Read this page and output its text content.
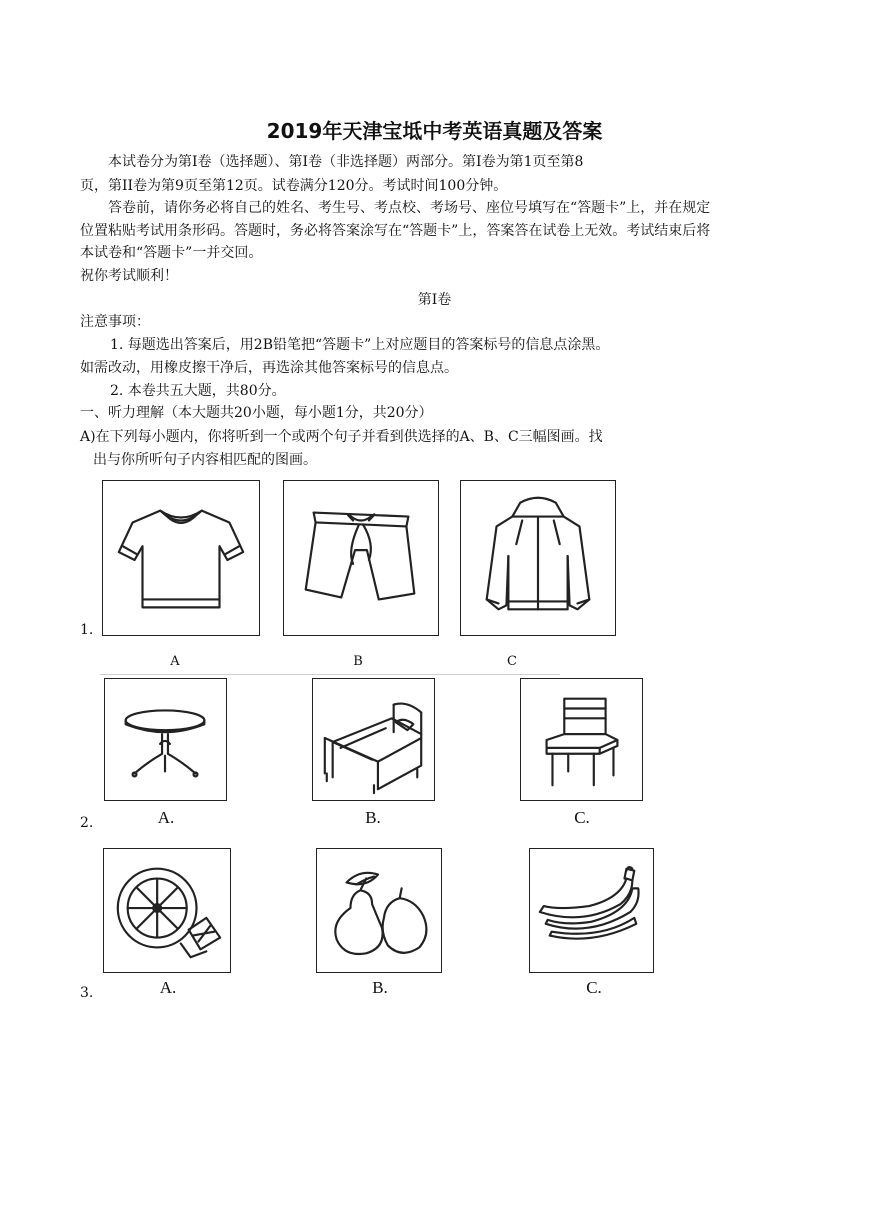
2019年天津宝坻中考英语真题及答案
本试卷分为第Ⅰ卷（选择题）、第Ⅰ卷（非选择题）两部分。第Ⅰ卷为第1页至第8
页，第II卷为第9页至第12页。试卷满分120分。考试时间100分钟。
答卷前，请你务必将自己的姓名、考生号、考点校、考场号、座位号填写在“答题卡”上，并在规定
位置粘贴考试用条形码。答题时，务必将答案涂写在“答题卡”上，答案答在试卷上无效。考试结束后将
本试卷和“答题卡”一并交回。
祝你考试顺利！
第Ⅰ卷
注意事项：
1. 每题选出答案后，用2B铅笔把“答题卡”上对应题目的答案标号的信息点涂黑。
如需改动，用橡皮擦干净后，再选涂其他答案标号的信息点。
2. 本卷共五大题，共80分。
一、听力理解（本大题共20小题，每小题1分，共20分）
A)在下列每小题内，你将听到一个或两个句子并看到供选择的A、B、C三幅图画。找
出与你所听句子内容相匹配的图画。
1.
A	B	C
2.	A.	B.	C.
3.	A.	B.	C.
